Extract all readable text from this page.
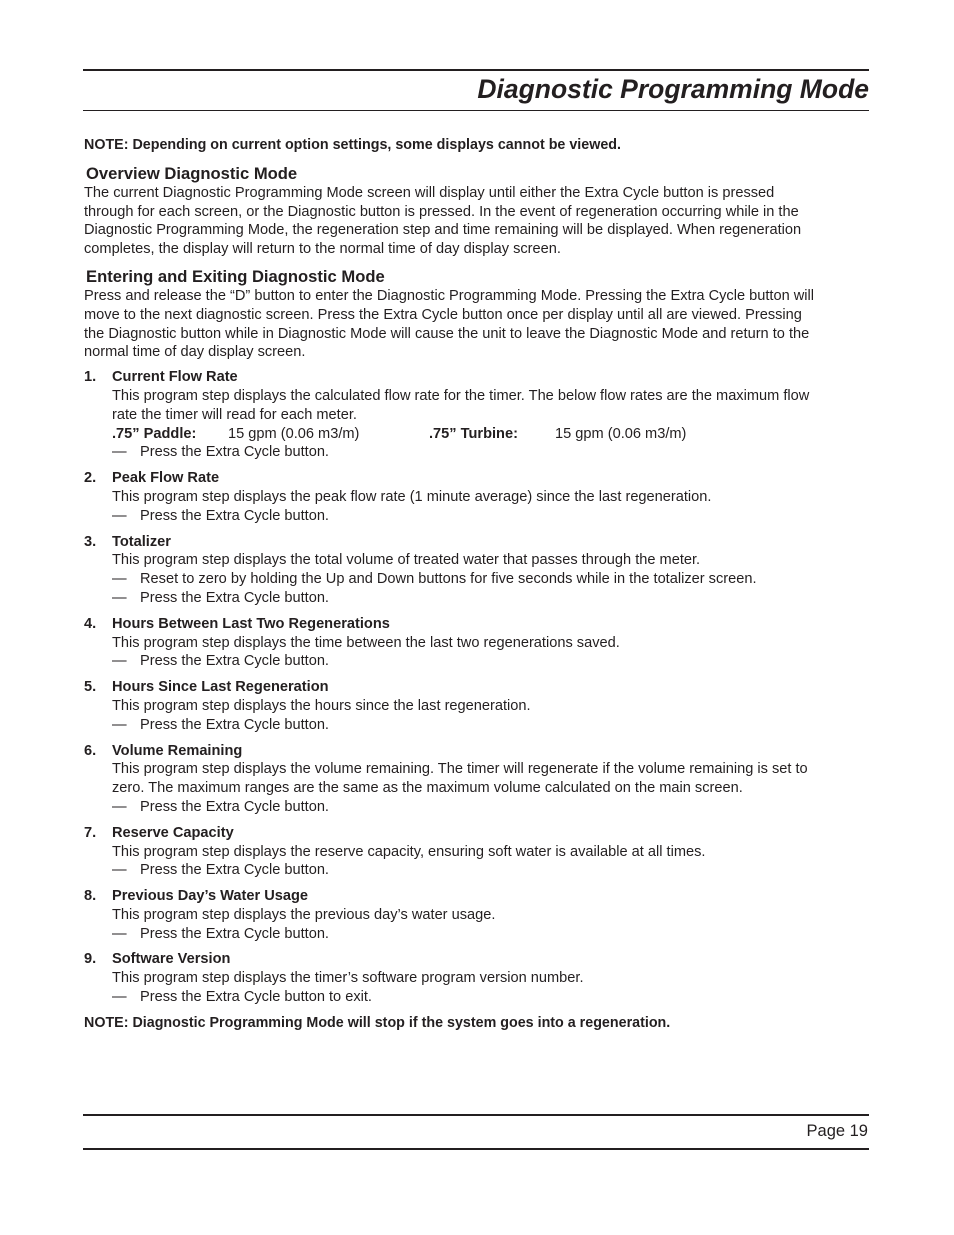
Diagnostic Programming Mode

NOTE: Depending on current option settings, some displays cannot be viewed.

Overview Diagnostic Mode
The current Diagnostic Programming Mode screen will display until either the Extra Cycle button is pressed
through for each screen, or the Diagnostic button is pressed. In the event of regeneration occurring while in the
Diagnostic Programming Mode, the regeneration step and time remaining will be displayed. When regeneration
completes, the display will return to the normal time of day display screen.
Entering and Exiting Diagnostic Mode
Press and release the “D” button to enter the Diagnostic Programming Mode. Pressing the Extra Cycle button will
move to the next diagnostic screen. Press the Extra Cycle button once per display until all are viewed. Pressing
the Diagnostic button while in Diagnostic Mode will cause the unit to leave the Diagnostic Mode and return to the
normal time of day display screen.
1. Current Flow Rate
This program step displays the calculated flow rate for the timer. The below flow rates are the maximum flow
rate the timer will read for each meter.
.75” Paddle: 15 gpm (0.06 m3/m)	.75” Turbine:	15 gpm (0.06 m3/m)
— Press the Extra Cycle button.
2. Peak Flow Rate
This program step displays the peak flow rate (1 minute average) since the last regeneration.
— Press the Extra Cycle button.
3. Totalizer
This program step displays the total volume of treated water that passes through the meter.
— Reset to zero by holding the Up and Down buttons for five seconds while in the totalizer screen.
— Press the Extra Cycle button.
4. Hours Between Last Two Regenerations
This program step displays the time between the last two regenerations saved.
— Press the Extra Cycle button.
5. Hours Since Last Regeneration
This program step displays the hours since the last regeneration.
— Press the Extra Cycle button.
6. Volume Remaining
This program step displays the volume remaining. The timer will regenerate if the volume remaining is set to
zero. The maximum ranges are the same as the maximum volume calculated on the main screen.
— Press the Extra Cycle button.
7. Reserve Capacity
This program step displays the reserve capacity, ensuring soft water is available at all times.
— Press the Extra Cycle button.
8. Previous Day’s Water Usage
This program step displays the previous day’s water usage.
— Press the Extra Cycle button.
9. Software Version
This program step displays the timer’s software program version number.
— Press the Extra Cycle button to exit.

NOTE: Diagnostic Programming Mode will stop if the system goes into a regeneration.

Page 19
